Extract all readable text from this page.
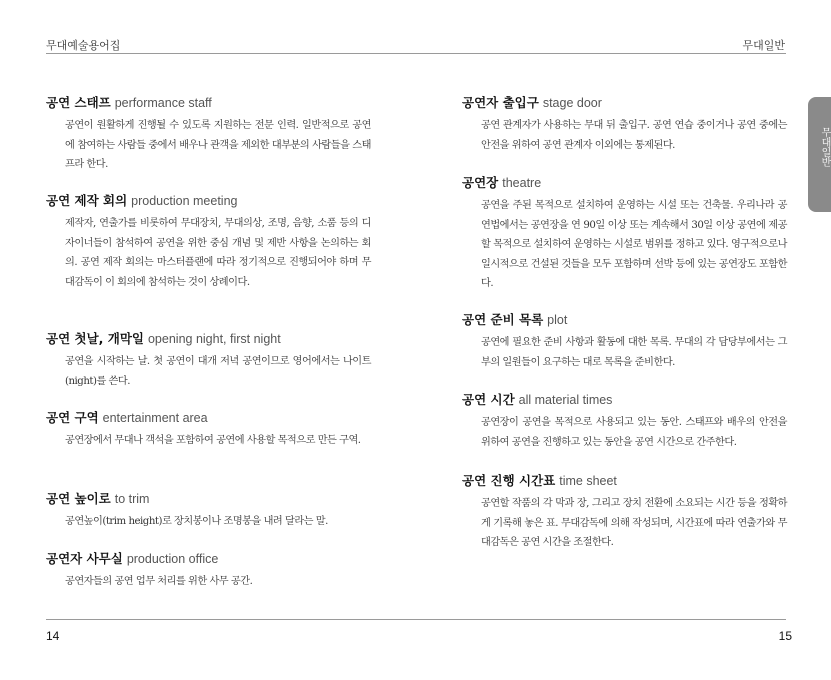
무대예술용어집	무대일반
공연 스태프 performance staff
공연이 원활하게 진행될 수 있도록 지원하는 전문 인력. 일반적으로 공연에 참여하는 사람들 중에서 배우나 관객을 제외한 대부분의 사람들을 스태프라 한다.
공연 제작 회의 production meeting
제작자, 연출가를 비롯하여 무대장치, 무대의상, 조명, 음향, 소품 등의 디자이너들이 참석하여 공연을 위한 중심 개념 및 제반 사항을 논의하는 회의. 공연 제작 회의는 마스터플랜에 따라 정기적으로 진행되어야 하며 무대감독이 이 회의에 참석하는 것이 상례이다.
공연 첫날, 개막일 opening night, first night
공연을 시작하는 날. 첫 공연이 대개 저녁 공연이므로 영어에서는 나이트(night)를 쓴다.
공연 구역 entertainment area
공연장에서 무대나 객석을 포함하여 공연에 사용할 목적으로 만든 구역.
공연 높이로 to trim
공연높이(trim height)로 장치봉이나 조명봉을 내려 달라는 말.
공연자 사무실 production office
공연자들의 공연 업무 처리를 위한 사무 공간.
공연자 출입구 stage door
공연 관계자가 사용하는 무대 뒤 출입구. 공연 연습 중이거나 공연 중에는 안전을 위하여 공연 관계자 이외에는 통제된다.
공연장 theatre
공연을 주된 목적으로 설치하여 운영하는 시설 또는 건축물. 우리나라 공연법에서는 공연장을 연 90일 이상 또는 계속해서 30일 이상 공연에 제공할 목적으로 설치하여 운영하는 시설로 범위를 정하고 있다. 영구적으로나 일시적으로 건설된 것들을 모두 포함하며 선박 등에 있는 공연장도 포함한다.
공연 준비 목록 plot
공연에 필요한 준비 사항과 활동에 대한 목록. 무대의 각 담당부에서는 그 부의 일원들이 요구하는 대로 목록을 준비한다.
공연 시간 all material times
공연장이 공연을 목적으로 사용되고 있는 동안. 스태프와 배우의 안전을 위하여 공연을 진행하고 있는 동안을 공연 시간으로 간주한다.
공연 진행 시간표 time sheet
공연할 작품의 각 막과 장, 그리고 장치 전환에 소요되는 시간 등을 정확하게 기록해 놓은 표. 무대감독에 의해 작성되며, 시간표에 따라 연출가와 무대감독은 공연 시간을 조절한다.
무대일반
14	15
